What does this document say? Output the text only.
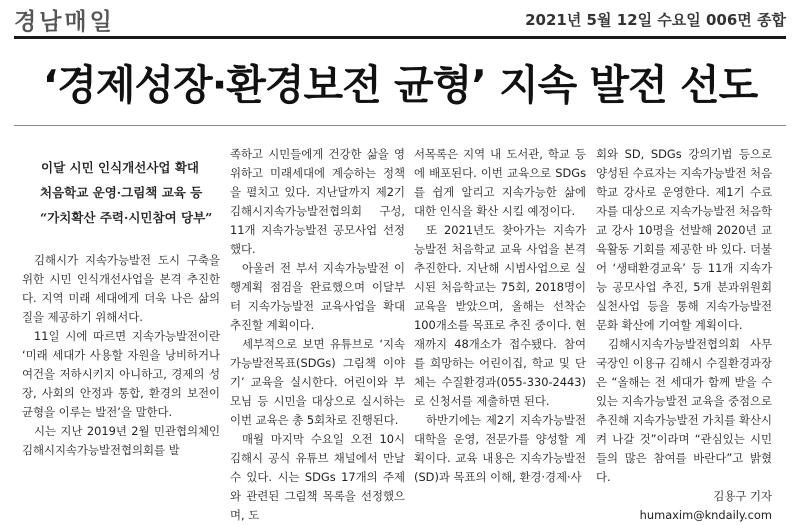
경남매일	2021년 5월 12일 수요일 006면 종합
‘경제성장·환경보전 균형’ 지속 발전 선도
이달 시민 인식개선사업 확대
처음학교 운영·그림책 교육 등
“가치확산 주력·시민참여 당부”

김해시가 지속가능발전 도시 구축을 위한 시민 인식개선사업을 본격 추진한다. 지역 미래 세대에게 더욱 나은 삶의 질을 제공하기 위해서다.

11일 시에 따르면 지속가능발전이란 ‘미래 세대가 사용할 자원을 낭비하거나 여건을 저하시키지 아니하고, 경제의 성장, 사회의 안정과 통합, 환경의 보전이 균형을 이루는 발전’을 말한다.

시는 지난 2019년 2월 민관협의체인 김해시지속가능발전협의회를 발

족하고 시민들에게 건강한 삶을 영위하고 미래세대에 계승하는 정책을 펼치고 있다. 지난달까지 제2기 김해시지속가능발전협의회 구성, 11개 지속가능발전 공모사업 선정했다.

아울러 전 부서 지속가능발전 이행계획 점검을 완료했으며 이달부터 지속가능발전 교육사업을 확대 추진할 계획이다.

세부적으로 보면 유튜브로 ‘지속가능발전목표(SDGs) 그림책 이야기’ 교육을 실시한다. 어린이와 부모님 등 시민을 대상으로 실시하는 이번 교육은 총 5회차로 진행된다.

매월 마지막 수요일 오전 10시 김해시 공식 유튜브 채널에서 만날 수 있다. 시는 SDGs 17개의 주제와 관련된 그림책 목록을 선정했으며, 도

서목록은 지역 내 도서관, 학교 등에 배포된다. 이번 교육으로 SDGs를 쉽게 알리고 지속가능한 삶에 대한 인식을 확산 시킬 예정이다.

또 2021년도 찾아가는 지속가능발전 처음학교 교육 사업을 본격 추진한다. 지난해 시범사업으로 실시된 처음학교는 75회, 2018명이 교육을 받았으며, 올해는 선착순 100개소를 목표로 추진 중이다. 현재까지 48개소가 접수됐다. 참여를 희망하는 어린이집, 학교 및 단체는 수질환경과(055-330-2443)로 신청서를 제출하면 된다.

하반기에는 제2기 지속가능발전대학을 운영, 전문가를 양성할 계획이다. 교육 내용은 지속가능발전(SD)과 목표의 이해, 환경·경제·사

회와 SD, SDGs 강의기법 등으로 양성된 수료자는 지속가능발전 처음학교 강사로 운영한다. 제1기 수료자를 대상으로 지속가능발전 처음학교 강사 10명을 선발해 2020년 교육활동 기회를 제공한 바 있다. 더불어 ‘생태환경교육’ 등 11개 지속가능 공모사업 추진, 5개 분과위원회 실천사업 등을 통해 지속가능발전 문화 확산에 기여할 계획이다.

김해시지속가능발전협의회 사무국장인 이용규 김해시 수질환경과장은 “올해는 전 세대가 함께 받을 수 있는 지속가능발전 교육을 중점으로 추진해 지속가능발전 가치를 확산시켜 나갈 것”이라며 “관심있는 시민들의 많은 참여를 바란다”고 밝혔다.

김용구 기자 humaxim@kndaily.com
